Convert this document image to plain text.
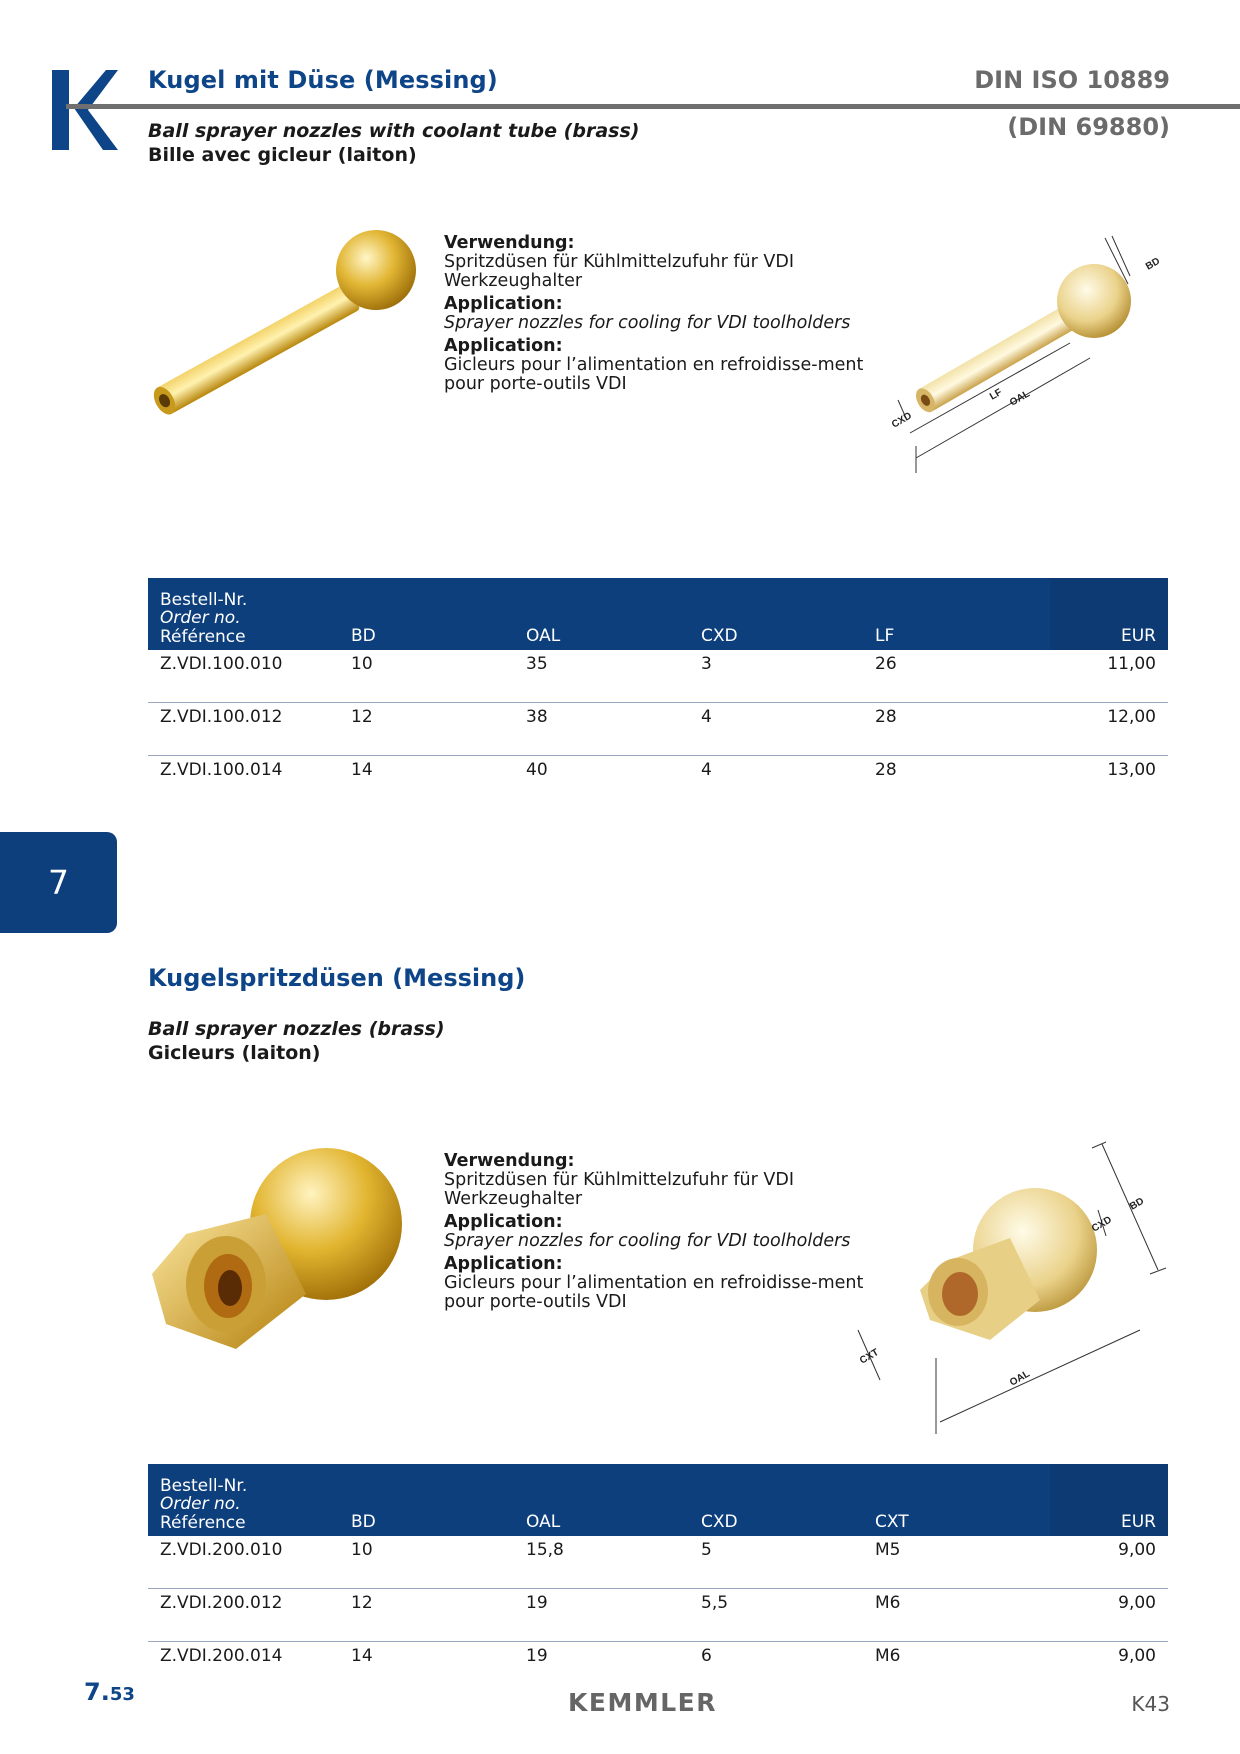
Kugel mit Düse (Messing)
Ball sprayer nozzles with coolant tube (brass)
Bille avec gicleur (laiton)
DIN ISO 10889
(DIN 69880)
Verwendung:
Spritzdüsen für Kühlmittelzufuhr für VDI Werkzeughalter
Application:
Sprayer nozzles for cooling for VDI toolholders
Application:
Gicleurs pour l’alimentation en refroidisse-ment pour porte-outils VDI
BD
CXD
LF OAL
Bestell-Nr.
Order no.
Référence	BD	OAL	CXD	LF	EUR
Z.VDI.100.010	10	35	3	26	11,00
Z.VDI.100.012	12	38	4	28	12,00
Z.VDI.100.014	14	40	4	28	13,00
7
Kugelspritzdüsen (Messing)
Ball sprayer nozzles (brass)
Gicleurs (laiton)
Verwendung:
Spritzdüsen für Kühlmittelzufuhr für VDI Werkzeughalter
Application:
Sprayer nozzles for cooling for VDI toolholders
Application:
Gicleurs pour l’alimentation en refroidisse-ment pour porte-outils VDI
BD
CXD
CXT
OAL
Bestell-Nr.
Order no.
Référence	BD	OAL	CXD	CXT	EUR
Z.VDI.200.010	10	15,8	5	M5	9,00
Z.VDI.200.012	12	19	5,5	M6	9,00
Z.VDI.200.014	14	19	6	M6	9,00
7.53	KEMMLER	K43
